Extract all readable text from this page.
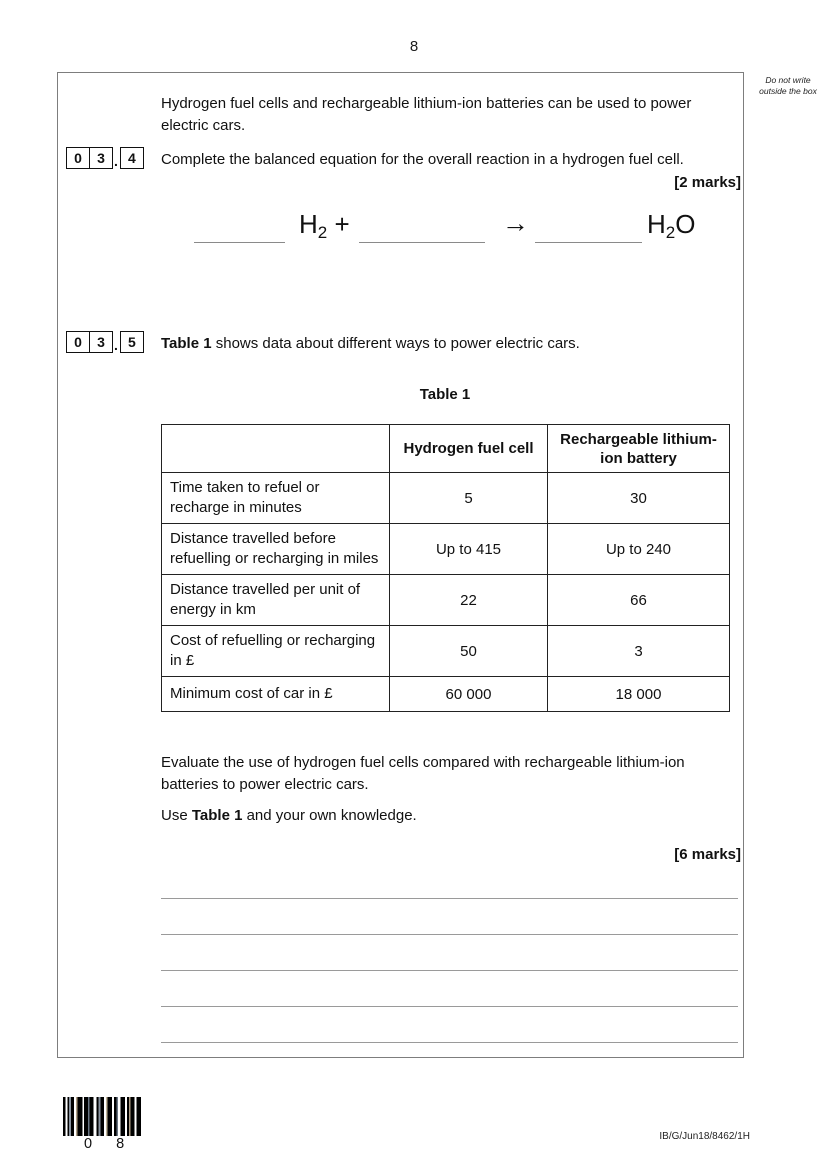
8
Do not write outside the box
Hydrogen fuel cells and rechargeable lithium-ion batteries can be used to power electric cars.
0	3 . 4	Complete the balanced equation for the overall reaction in a hydrogen fuel cell.
[2 marks]
$H_2$ +	→	$H_2O$
0	3 . 5	Table 1 shows data about different ways to power electric cars.
Table 1
	Hydrogen fuel cell	Rechargeable lithium-ion battery
Time taken to refuel or recharge in minutes	5	30
Distance travelled before refuelling or recharging in miles	Up to 415	Up to 240
Distance travelled per unit of energy in km	22	66
Cost of refuelling or recharging in £	50	3
Minimum cost of car in £	60 000	18 000
Evaluate the use of hydrogen fuel cells compared with rechargeable lithium-ion batteries to power electric cars.
Use Table 1 and your own knowledge.
[6 marks]
0 8	IB/G/Jun18/8462/1H
